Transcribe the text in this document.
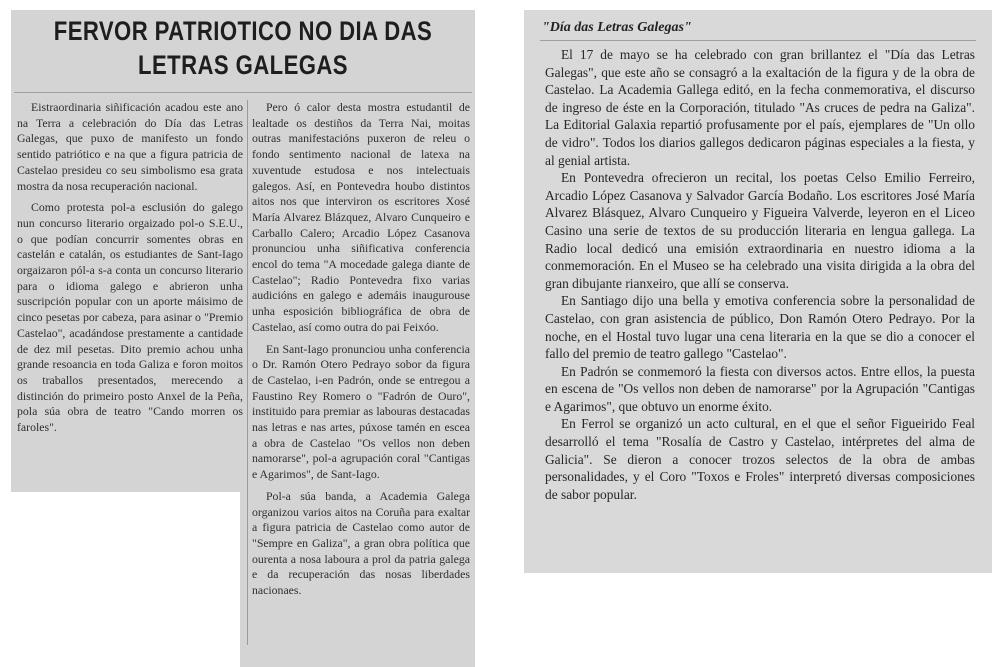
FERVOR PATRIOTICO NO DIA DAS
LETRAS GALEGAS

Eistraordinaria siñificación acadou este ano na Terra a celebración do Día das Letras Galegas, que puxo de manifesto un fondo sentido patriótico e na que a figura patricia de Castelao presideu co seu simbolismo esa grata mostra da nosa recuperación nacional.

Como protesta pol-a esclusión do galego nun concurso literario orgaizado pol-o S.E.U., o que podían concurrir somentes obras en castelán e catalán, os estudiantes de Sant-Iago orgaizaron pól-a s-a conta un concurso literario para o idioma galego e abrieron unha suscripción popular con un aporte máisimo de cinco pesetas por cabeza, para asinar o "Premio Castelao", acadándose prestamente a cantidade de dez mil pesetas. Dito premio achou unha grande resoancia en toda Galiza e foron moitos os traballos presentados, merecendo a distinción do primeiro posto Anxel de la Peña, pola súa obra de teatro "Cando morren os faroles".

Pero ó calor desta mostra estudantil de lealtade os destiños da Terra Nai, moitas outras manifestacións puxeron de releu o fondo sentimento nacional de latexa na xuventude estudosa e nos intelectuais galegos. Así, en Pontevedra houbo distintos aitos nos que interviron os escritores Xosé María Alvarez Blázquez, Alvaro Cunqueiro e Carballo Calero; Arcadio López Casanova pronunciou unha siñificativa conferencia encol do tema "A mocedade galega diante de Castelao"; Radio Pontevedra fixo varias audicións en galego e ademáis inaugurouse unha esposición bibliográfica de obra de Castelao, así como outra do pai Feixóo.

En Sant-Iago pronunciou unha conferencia o Dr. Ramón Otero Pedrayo sobor da figura de Castelao, i-en Padrón, onde se entregou a Faustino Rey Romero o "Fadrón de Ouro", instituido para premiar as labouras destacadas nas letras e nas artes, púxose tamén en escea a obra de Castelao "Os vellos non deben namorarse", pol-a agrupación coral "Cantigas e Agarimos", de Sant-Iago.

Pol-a súa banda, a Academia Galega organizou varios aitos na Coruña para exaltar a figura patricia de Castelao como autor de "Sempre en Galiza", a gran obra política que ourenta a nosa laboura a prol da patria galega e da recuperación das nosas liberdades nacionaes.

"Día das Letras Galegas"

El 17 de mayo se ha celebrado con gran brillantez el "Día das Letras Galegas", que este año se consagró a la exaltación de la figura y de la obra de Castelao. La Academia Gallega editó, en la fecha conmemorativa, el discurso de ingreso de éste en la Corporación, titulado "As cruces de pedra na Galiza". La Editorial Galaxia repartió profusamente por el país, ejemplares de "Un ollo de vidro". Todos los diarios gallegos dedicaron páginas especiales a la fiesta, y al genial artista.

En Pontevedra ofrecieron un recital, los poetas Celso Emilio Ferreiro, Arcadio López Casanova y Salvador García Bodaño. Los escritores José María Alvarez Blásquez, Alvaro Cunqueiro y Figueira Valverde, leyeron en el Liceo Casino una serie de textos de su producción literaria en lengua gallega. La Radio local dedicó una emisión extraordinaria en nuestro idioma a la conmemoración. En el Museo se ha celebrado una visita dirigida a la obra del gran dibujante rianxeiro, que allí se conserva.

En Santiago dijo una bella y emotiva conferencia sobre la personalidad de Castelao, con gran asistencia de público, Don Ramón Otero Pedrayo. Por la noche, en el Hostal tuvo lugar una cena literaria en la que se dio a conocer el fallo del premio de teatro gallego "Castelao".

En Padrón se conmemoró la fiesta con diversos actos. Entre ellos, la puesta en escena de "Os vellos non deben de namorarse" por la Agrupación "Cantigas e Agarimos", que obtuvo un enorme éxito.

En Ferrol se organizó un acto cultural, en el que el señor Figueirido Feal desarrolló el tema "Rosalía de Castro y Castelao, intérpretes del alma de Galicia". Se dieron a conocer trozos selectos de la obra de ambas personalidades, y el Coro "Toxos e Froles" interpretó diversas composiciones de sabor popular.
